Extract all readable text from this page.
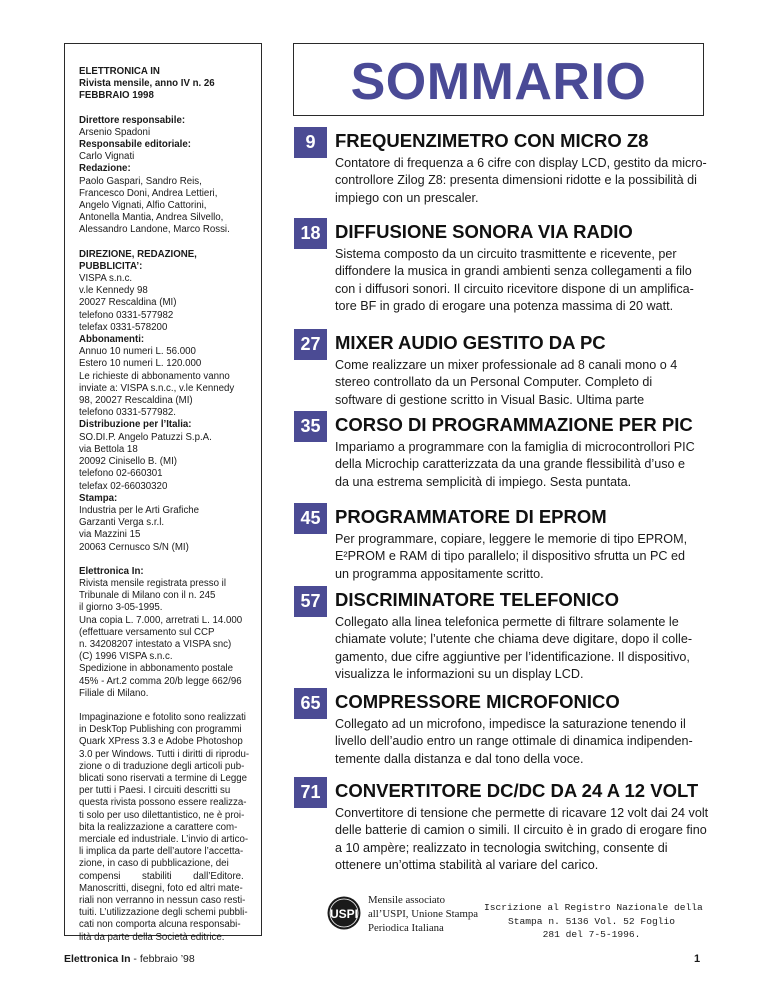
ELETTRONICA IN
Rivista mensile, anno IV n. 26
FEBBRAIO 1998
Direttore responsabile:
Arsenio Spadoni
Responsabile editoriale:
Carlo Vignati
Redazione:
Paolo Gaspari, Sandro Reis,
Francesco Doni, Andrea Lettieri,
Angelo Vignati, Alfio Cattorini,
Antonella Mantia, Andrea Silvello,
Alessandro Landone, Marco Rossi.
DIREZIONE, REDAZIONE,
PUBBLICITA’:
VISPA s.n.c.
v.le Kennedy 98
20027 Rescaldina (MI)
telefono 0331-577982
telefax 0331-578200
Abbonamenti:
Annuo 10 numeri L. 56.000
Estero 10 numeri L. 120.000
Le richieste di abbonamento vanno
inviate a: VISPA s.n.c., v.le Kennedy
98, 20027 Rescaldina (MI)
telefono 0331-577982.
Distribuzione per l’Italia:
SO.DI.P. Angelo Patuzzi S.p.A.
via Bettola 18
20092 Cinisello B. (MI)
telefono 02-660301
telefax 02-66030320
Stampa:
Industria per le Arti Grafiche
Garzanti Verga s.r.l.
via Mazzini 15
20063 Cernusco S/N (MI)
Elettronica In:
Rivista mensile registrata presso il
Tribunale di Milano con il n. 245
il giorno 3-05-1995.
Una copia L. 7.000, arretrati L. 14.000
(effettuare versamento sul CCP
n. 34208207 intestato a VISPA snc)
(C) 1996 VISPA s.n.c.
Spedizione in abbonamento postale
45% - Art.2 comma 20/b legge 662/96
Filiale di Milano.
Impaginazione e fotolito sono realizzati
in DeskTop Publishing con programmi
Quark XPress 3.3 e Adobe Photoshop
3.0 per Windows. Tutti i diritti di riprodu-
zione o di traduzione degli articoli pub-
blicati sono riservati a termine di Legge
per tutti i Paesi. I circuiti descritti su
questa rivista possono essere realizza-
ti solo per uso dilettantistico, ne è proi-
bita la realizzazione a carattere com-
merciale ed industriale. L’invio di artico-
li implica da parte dell’autore l’accetta-
zione, in caso di pubblicazione, dei
compensi        stabiliti        dall’Editore.
Manoscritti, disegni, foto ed altri mate-
riali non verranno in nessun caso resti-
tuiti. L’utilizzazione degli schemi pubbli-
cati non comporta alcuna responsabi-
lità da parte della Società editrice.
SOMMARIO
9	FREQUENZIMETRO CON MICRO Z8
Contatore di frequenza a 6 cifre con display LCD, gestito da micro-
controllore Zilog Z8: presenta dimensioni ridotte e la possibilità di
impiego con un prescaler.
18 DIFFUSIONE SONORA VIA RADIO
Sistema composto da un circuito trasmittente e ricevente, per
diffondere la musica in grandi ambienti senza collegamenti a filo
con i diffusori sonori. Il circuito ricevitore dispone di un amplifica-
tore BF in grado di erogare una potenza massima di 20 watt.
27 MIXER AUDIO GESTITO DA PC
Come realizzare un mixer professionale ad 8 canali mono o 4
stereo controllato da un Personal Computer. Completo di
software di gestione scritto in Visual Basic. Ultima parte
35 CORSO DI PROGRAMMAZIONE PER PIC
Impariamo a programmare con la famiglia di microcontrollori PIC
della Microchip caratterizzata da una grande flessibilità d’uso e
da una estrema semplicità di impiego. Sesta puntata.
45 PROGRAMMATORE DI EPROM
Per programmare, copiare, leggere le memorie di tipo EPROM,
E²PROM e RAM di tipo parallelo; il dispositivo sfrutta un PC ed
un programma appositamente scritto.
57 DISCRIMINATORE TELEFONICO
Collegato alla linea telefonica permette di filtrare solamente le
chiamate volute; l’utente che chiama deve digitare, dopo il colle-
gamento, due cifre aggiuntive per l’identificazione. Il dispositivo,
visualizza le informazioni su un display LCD.
65 COMPRESSORE MICROFONICO
Collegato ad un microfono, impedisce la saturazione tenendo il
livello dell’audio entro un range ottimale di dinamica indipenden-
temente dalla distanza e dal tono della voce.
71 CONVERTITORE DC/DC DA 24 A 12 VOLT
Convertitore di tensione che permette di ricavare 12 volt dai 24 volt
delle batterie di camion o simili. Il circuito è in grado di erogare fino
a 10 ampère; realizzato in tecnologia switching, consente di
ottenere un’ottima stabilità al variare del carico.
USPI
Mensile associato
all’USPI, Unione Stampa
Periodica Italiana
Iscrizione al Registro Nazionale della
Stampa n. 5136 Vol. 52 Foglio
281 del 7-5-1996.
Elettronica In - febbraio ’98	1
